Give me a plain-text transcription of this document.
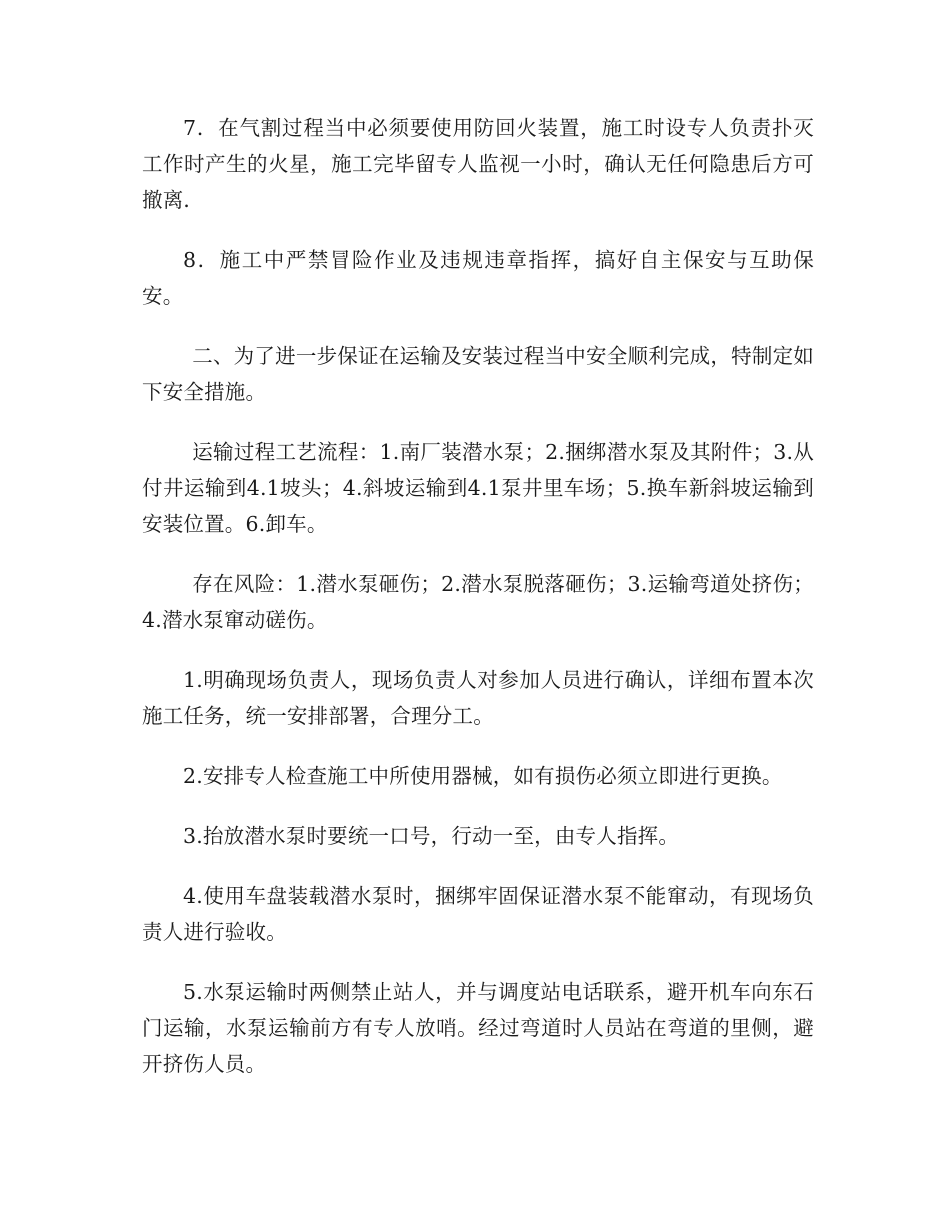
7．在气割过程当中必须要使用防回火装置，施工时设专人负责扑灭工作时产生的火星，施工完毕留专人监视一小时，确认无任何隐患后方可撤离．

8．施工中严禁冒险作业及违规违章指挥，搞好自主保安与互助保安。

二、为了进一步保证在运输及安装过程当中安全顺利完成，特制定如下安全措施。

运输过程工艺流程：1.南厂装潜水泵；2.捆绑潜水泵及其附件；3.从付井运输到4.1坡头；4.斜坡运输到4.1泵井里车场；5.换车新斜坡运输到安装位置。6.卸车。

存在风险：1.潜水泵砸伤；2.潜水泵脱落砸伤；3.运输弯道处挤伤；4.潜水泵窜动磋伤。

1.明确现场负责人，现场负责人对参加人员进行确认，详细布置本次施工任务，统一安排部署，合理分工。

2.安排专人检查施工中所使用器械，如有损伤必须立即进行更换。

3.抬放潜水泵时要统一口号，行动一至，由专人指挥。

4.使用车盘装载潜水泵时，捆绑牢固保证潜水泵不能窜动，有现场负责人进行验收。

5.水泵运输时两侧禁止站人，并与调度站电话联系，避开机车向东石门运输，水泵运输前方有专人放哨。经过弯道时人员站在弯道的里侧，避开挤伤人员。
